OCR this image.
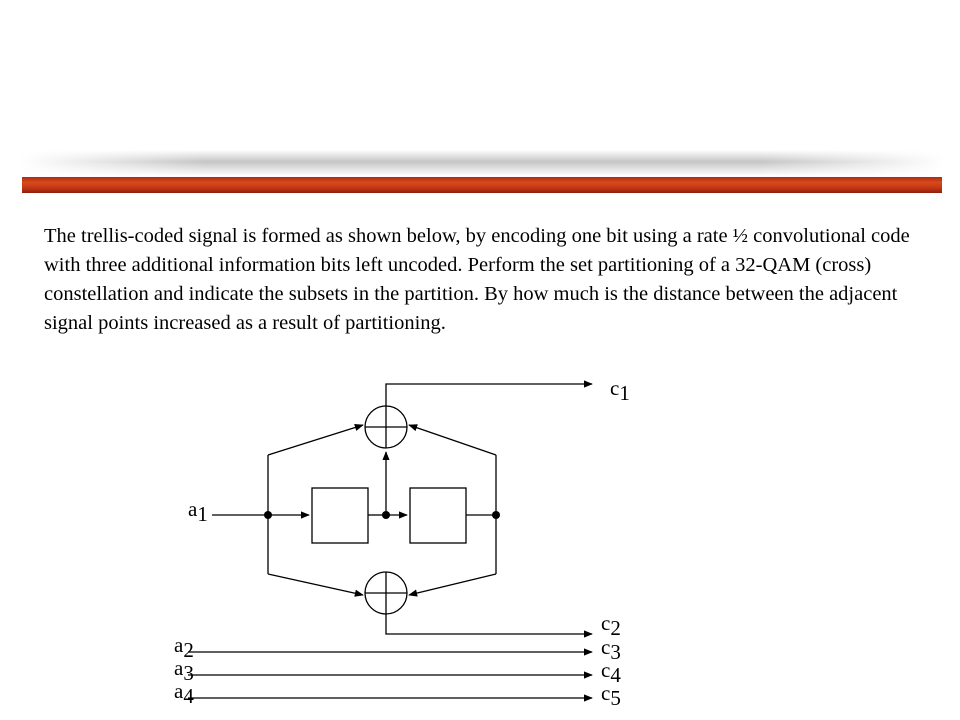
The trellis-coded signal is formed as shown below, by encoding one bit using a rate ½ convolutional code with three additional information bits left uncoded. Perform the set partitioning of a 32-QAM (cross) constellation and indicate the subsets in the partition. By how much is the distance between the adjacent signal points increased as a result of partitioning.

c1
a1
c2
a2	c3
a3	c4
a4	c5
